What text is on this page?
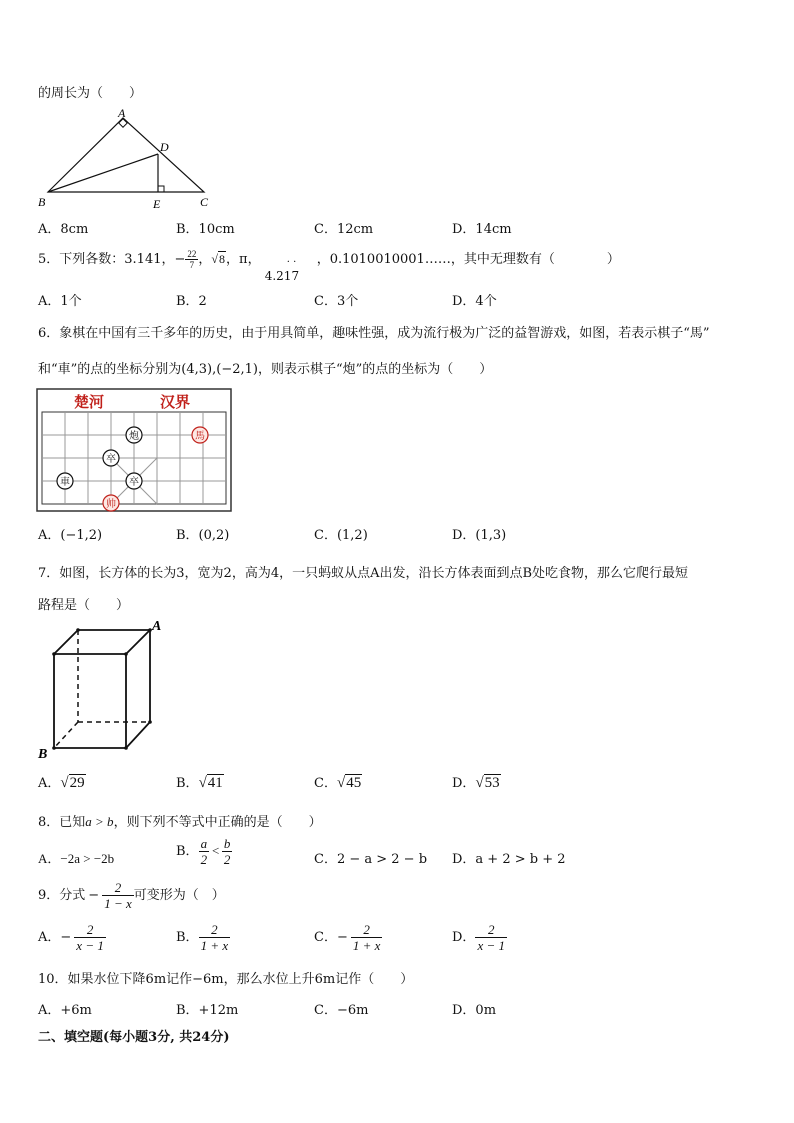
的周长为（　　）
A
D
B	E	C
A．8cm	B．10cm	C．12cm	D．14cm
5．下列各数：3.141，− $\frac{22}{7}$ ，√8，π，	· ·
4.217
，0.1010010001……，其中无理数有（　　　　）
A．1个	B．2	C．3个	D．4个
6．象棋在中国有三千多年的历史，由于用具简单，趣味性强，成为流行极为广泛的益智游戏，如图，若表示棋子“馬”
和“車”的点的坐标分别为(4,3),(−2,1)，则表示棋子“炮”的点的坐标为（　　）
楚河	汉界
炮	馬
卒
車	卒
帅
A．(−1,2)	B．(0,2)	C．(1,2)	D．(1,3)
7．如图，长方体的长为3，宽为2，高为4，一只蚂蚁从点A出发，沿长方体表面到点B处吃食物，那么它爬行最短
路程是（　　）
A
B
A．√29	B．√41	C．√45	D．√53
8．已知a > b，则下列不等式中正确的是（　　）
A．−2a > −2b	B． $\frac{a}{2} < \frac{b}{2}$	C．2 − a > 2 − b D．a + 2 > b + 2
9．分式 − $\frac{2}{1 - x}$ 可变形为（　）
A．− $\frac{2}{x - 1}$	B． $\frac{2}{1 + x}$	C．− $\frac{2}{1 + x}$	D． $\frac{2}{x - 1}$
10．如果水位下降6m记作−6m，那么水位上升6m记作（　　）
A．+6m	B．+12m	C．−6m	D．0m
二、填空题(每小题3分, 共24分)
